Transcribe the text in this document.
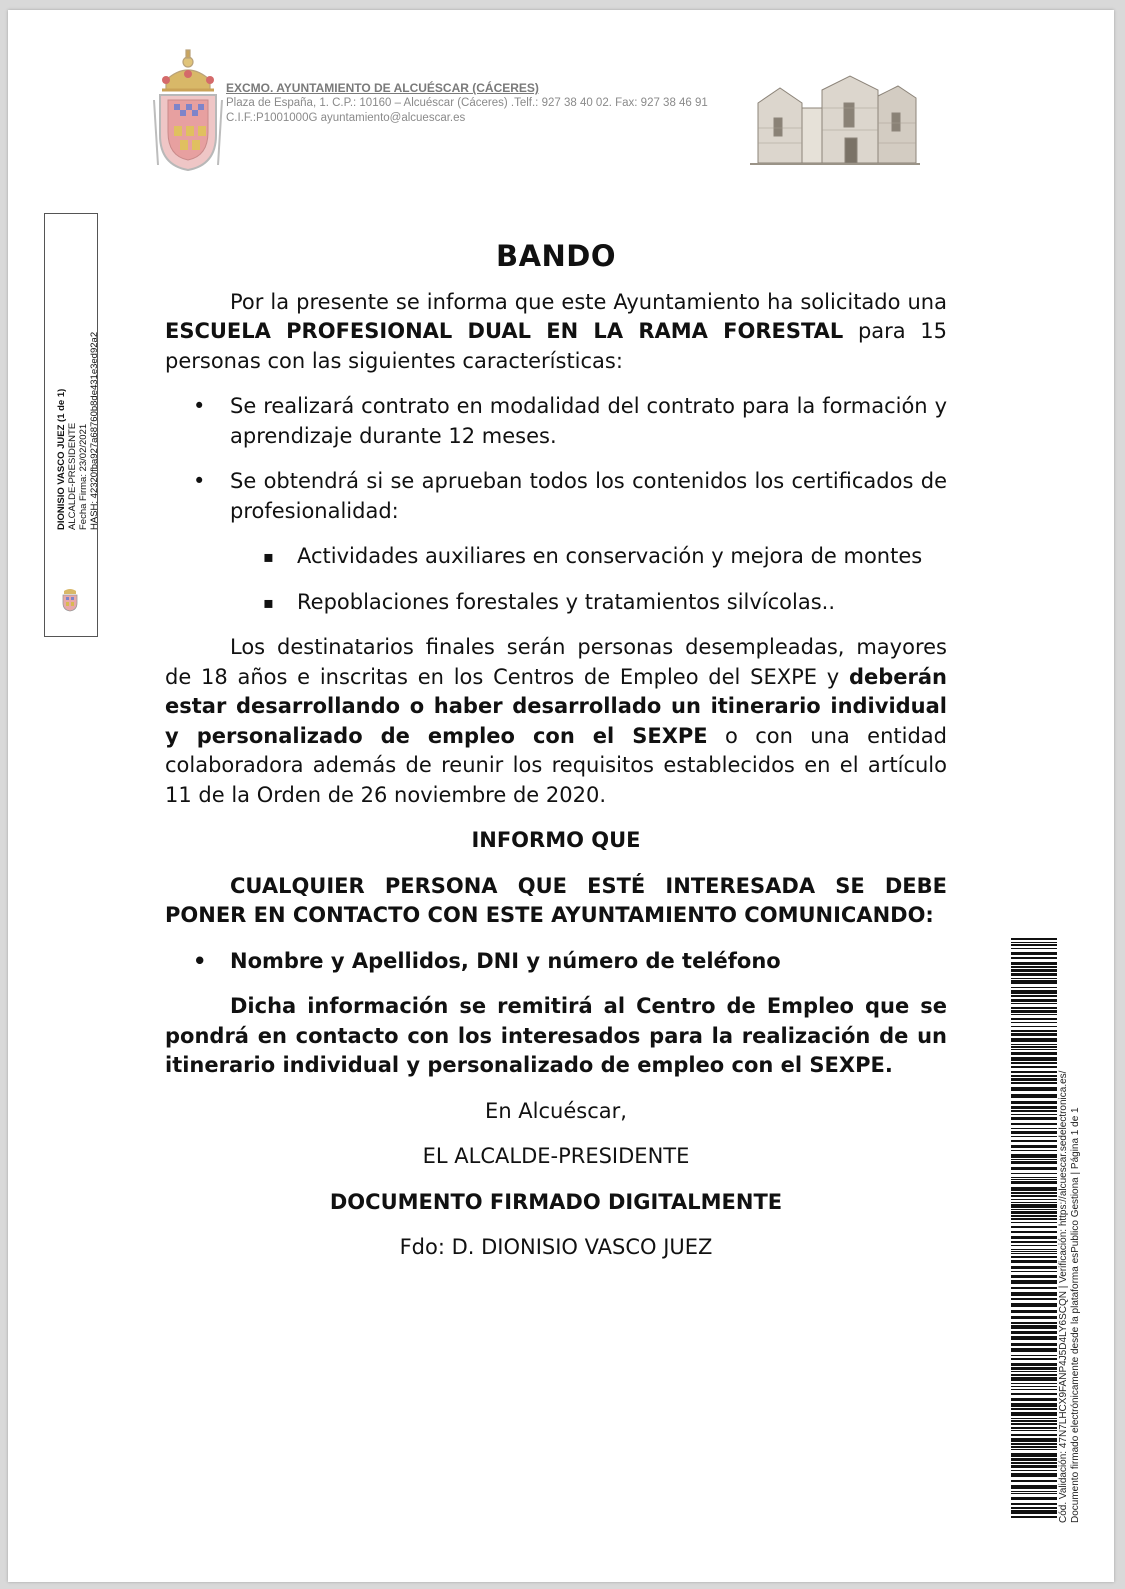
EXCMO. AYUNTAMIENTO DE ALCUÉSCAR (CÁCERES)
Plaza de España, 1. C.P.: 10160 – Alcuéscar (Cáceres) .Telf.: 927 38 40 02. Fax: 927 38 46 91
C.I.F.:P1001000G ayuntamiento@alcuescar.es
DIONISIO VASCO JUEZ (1 de 1) ALCALDE-PRESIDENTE Fecha Firma: 23/02/2021 HASH: 42320fba927a68760b8de431e3ed92a2
BANDO

Por la presente se informa que este Ayuntamiento ha solicitado una ESCUELA PROFESIONAL DUAL EN LA RAMA FORESTAL para 15 personas con las siguientes características:

• Se realizará contrato en modalidad del contrato para la formación y aprendizaje durante 12 meses.
• Se obtendrá si se aprueban todos los contenidos los certificados de profesionalidad:
▪ Actividades auxiliares en conservación y mejora de montes
▪ Repoblaciones forestales y tratamientos silvícolas..

Los destinatarios finales serán personas desempleadas, mayores de 18 años e inscritas en los Centros de Empleo del SEXPE y deberán estar desarrollando o haber desarrollado un itinerario individual y personalizado de empleo con el SEXPE o con una entidad colaboradora además de reunir los requisitos establecidos en el artículo 11 de la Orden de 26 noviembre de 2020.

INFORMO QUE

CUALQUIER PERSONA QUE ESTÉ INTERESADA SE DEBE PONER EN CONTACTO CON ESTE AYUNTAMIENTO COMUNICANDO:

• Nombre y Apellidos, DNI y número de teléfono

Dicha información se remitirá al Centro de Empleo que se pondrá en contacto con los interesados para la realización de un itinerario individual y personalizado de empleo con el SEXPE.

En Alcuéscar,

EL ALCALDE-PRESIDENTE

DOCUMENTO FIRMADO DIGITALMENTE

Fdo: D. DIONISIO VASCO JUEZ	Cód. Validación: 47N7LHCX9FANP4J5D4LY6SCQN | Verificación: https://alcuescar.sedelectronica.es/ Documento firmado electrónicamente desde la plataforma esPublico Gestiona | Página 1 de 1
